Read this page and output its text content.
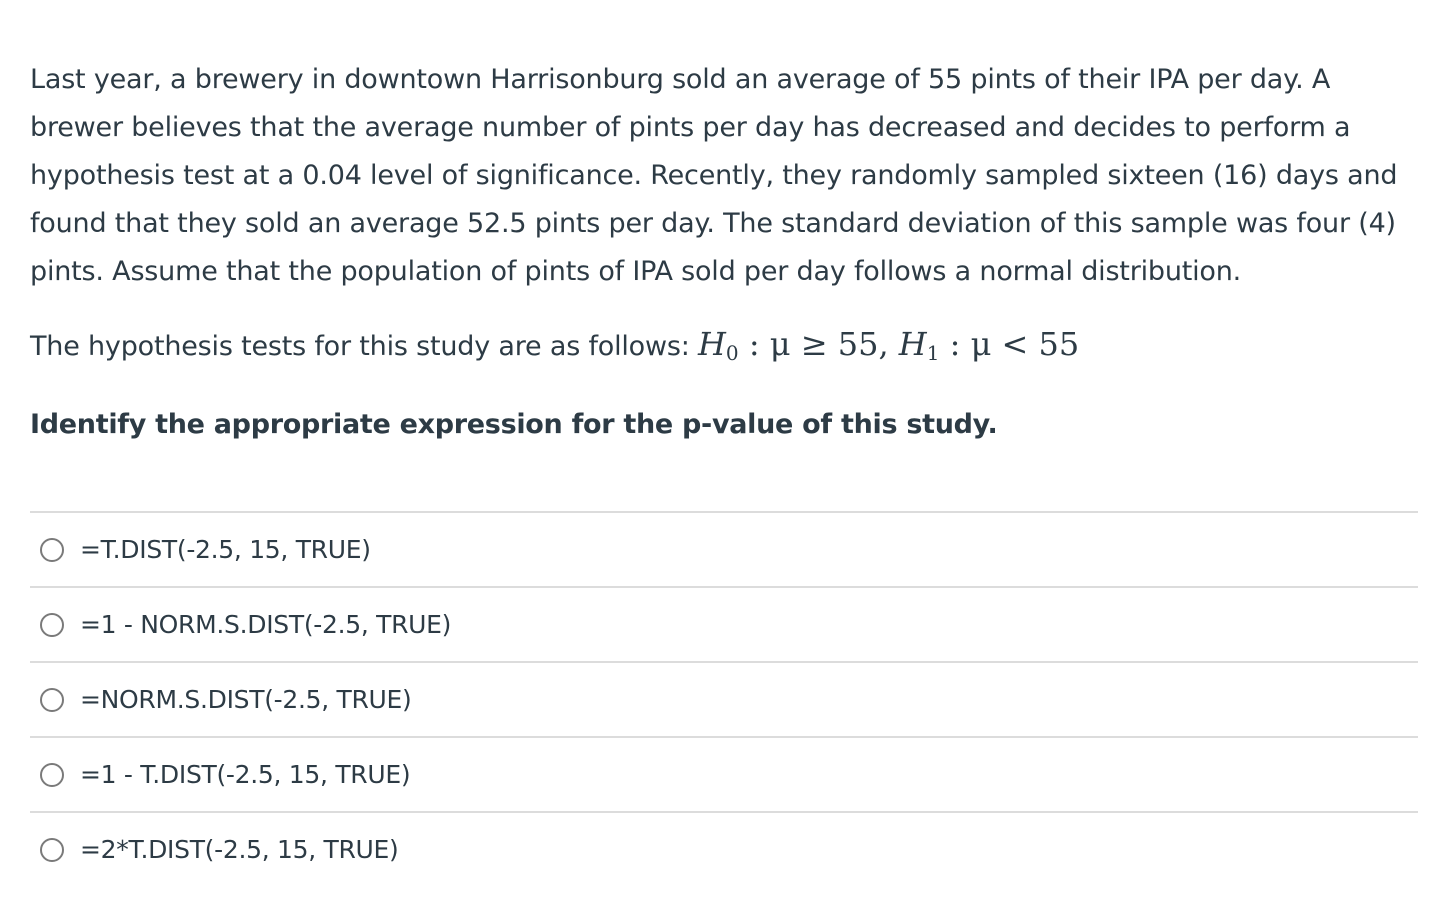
Last year, a brewery in downtown Harrisonburg sold an average of 55 pints of their IPA per day. A brewer believes that the average number of pints per day has decreased and decides to perform a hypothesis test at a 0.04 level of significance. Recently, they randomly sampled sixteen (16) days and found that they sold an average 52.5 pints per day. The standard deviation of this sample was four (4) pints. Assume that the population of pints of IPA sold per day follows a normal distribution.

The hypothesis tests for this study are as follows: $H_0$ : μ ≥ 55, $H_1$ : μ < 55

Identify the appropriate expression for the p-value of this study.

=T.DIST(-2.5, 15, TRUE)
=1 - NORM.S.DIST(-2.5, TRUE)
=NORM.S.DIST(-2.5, TRUE)
=1 - T.DIST(-2.5, 15, TRUE)
=2*T.DIST(-2.5, 15, TRUE)
